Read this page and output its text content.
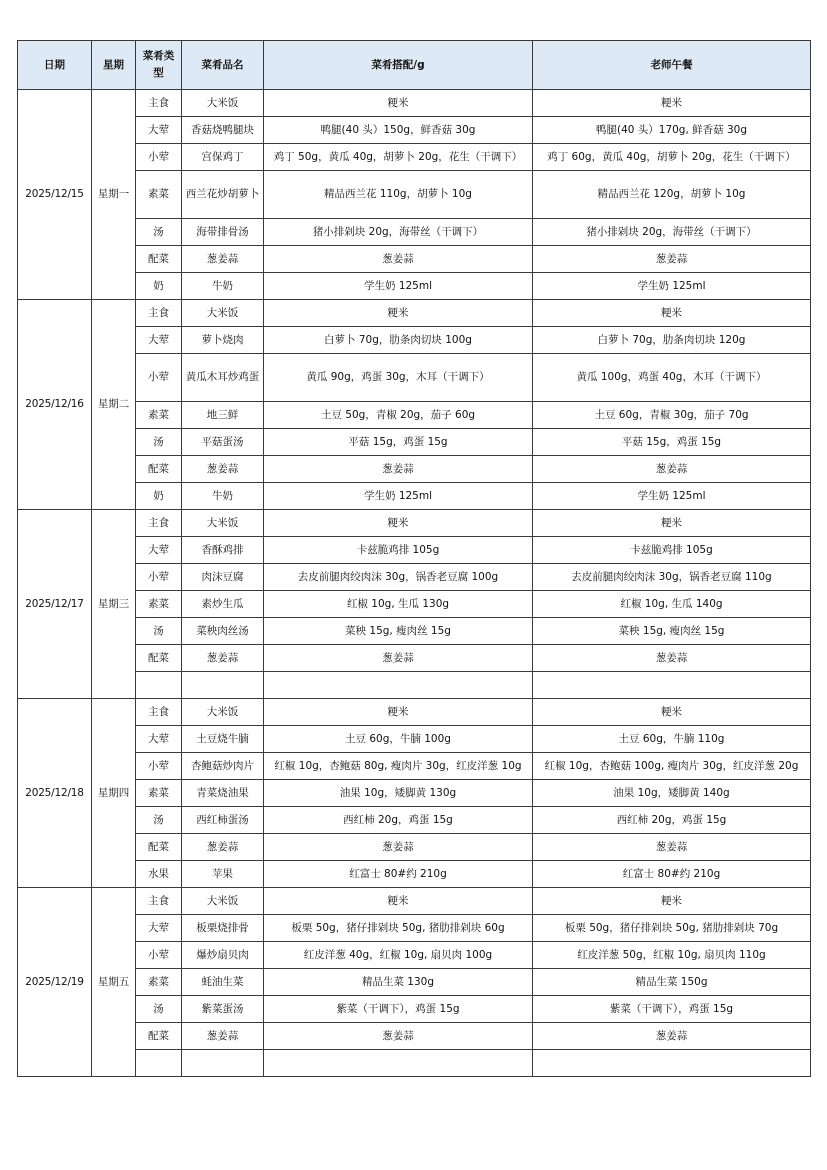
日期	星期	菜肴类型	菜肴品名	菜肴搭配/g	老师午餐
2025/12/15	星期一	主食	大米饭	粳米	粳米
		大荤	香菇烧鸭腿块	鸭腿(40 头）150g，鲜香菇 30g	鸭腿(40 头）170g, 鲜香菇 30g
		小荤	宫保鸡丁	鸡丁 50g，黄瓜 40g，胡萝卜 20g，花生（干调下）	鸡丁 60g，黄瓜 40g，胡萝卜 20g，花生（干调下）
		素菜	西兰花炒胡萝卜	精品西兰花 110g，胡萝卜 10g	精品西兰花 120g，胡萝卜 10g
		汤	海带排骨汤	猪小排剁块 20g，海带丝（干调下）	猪小排剁块 20g，海带丝（干调下）
		配菜	葱姜蒜	葱姜蒜	葱姜蒜
		奶	牛奶	学生奶 125ml	学生奶 125ml
2025/12/16	星期二	主食	大米饭	粳米	粳米
		大荤	萝卜烧肉	白萝卜 70g，肋条肉切块 100g	白萝卜 70g，肋条肉切块 120g
		小荤	黄瓜木耳炒鸡蛋	黄瓜 90g，鸡蛋 30g，木耳（干调下）	黄瓜 100g，鸡蛋 40g，木耳（干调下）
		素菜	地三鲜	土豆 50g，青椒 20g，茄子 60g	土豆 60g，青椒 30g，茄子 70g
		汤	平菇蛋汤	平菇 15g，鸡蛋 15g	平菇 15g，鸡蛋 15g
		配菜	葱姜蒜	葱姜蒜	葱姜蒜
		奶	牛奶	学生奶 125ml	学生奶 125ml
2025/12/17	星期三	主食	大米饭	粳米	粳米
		大荤	香酥鸡排	卡兹脆鸡排 105g	卡兹脆鸡排 105g
		小荤	肉沫豆腐	去皮前腿肉绞肉沫 30g，锅香老豆腐 100g	去皮前腿肉绞肉沫 30g，锅香老豆腐 110g
		素菜	素炒生瓜	红椒 10g, 生瓜 130g	红椒 10g, 生瓜 140g
		汤	菜秧肉丝汤	菜秧 15g, 瘦肉丝 15g	菜秧 15g, 瘦肉丝 15g
		配菜	葱姜蒜	葱姜蒜	葱姜蒜

2025/12/18	星期四	主食	大米饭	粳米	粳米
		大荤	土豆烧牛腩	土豆 60g，牛腩 100g	土豆 60g，牛腩 110g
		小荤	杏鲍菇炒肉片	红椒 10g，杏鲍菇 80g, 瘦肉片 30g，红皮洋葱 10g	红椒 10g，杏鲍菇 100g, 瘦肉片 30g，红皮洋葱 20g
		素菜	青菜烧油果	油果 10g，矮脚黄 130g	油果 10g，矮脚黄 140g
		汤	西红柿蛋汤	西红柿 20g，鸡蛋 15g	西红柿 20g，鸡蛋 15g
		配菜	葱姜蒜	葱姜蒜	葱姜蒜
		水果	苹果	红富士 80#约 210g	红富士 80#约 210g
2025/12/19	星期五	主食	大米饭	粳米	粳米
		大荤	板栗烧排骨	板栗 50g，猪仔排剁块 50g, 猪肋排剁块 60g	板栗 50g，猪仔排剁块 50g, 猪肋排剁块 70g
		小荤	爆炒扇贝肉	红皮洋葱 40g，红椒 10g, 扇贝肉 100g	红皮洋葱 50g，红椒 10g, 扇贝肉 110g
		素菜	蚝油生菜	精品生菜 130g	精品生菜 150g
		汤	紫菜蛋汤	紫菜（干调下），鸡蛋 15g	紫菜（干调下），鸡蛋 15g
		配菜	葱姜蒜	葱姜蒜	葱姜蒜
